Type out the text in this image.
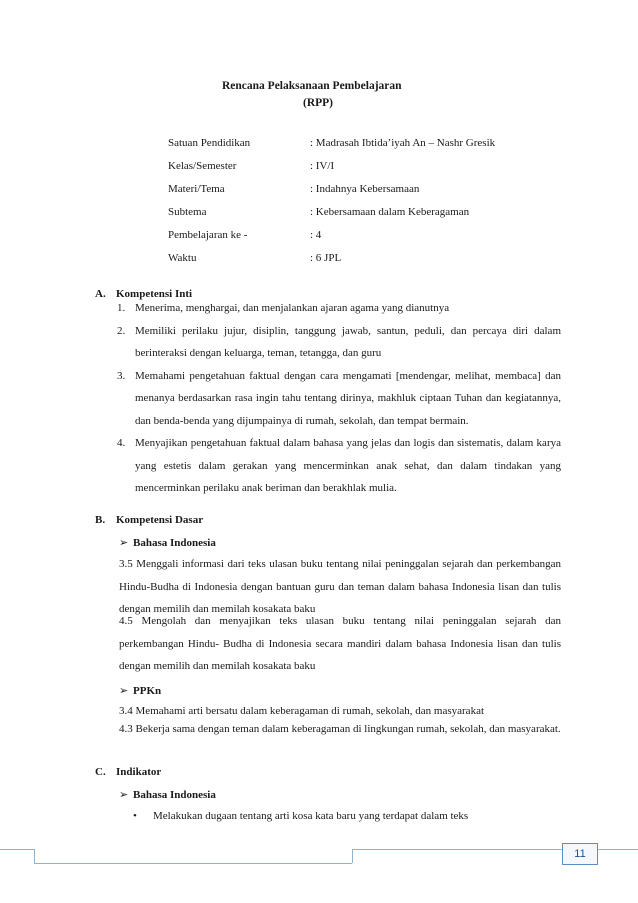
Rencana Pelaksanaan Pembelajaran
(RPP)
Satuan Pendidikan	: Madrasah Ibtida’iyah An – Nashr Gresik
Kelas/Semester	: IV/I
Materi/Tema	: Indahnya Kebersamaan
Subtema	: Kebersamaan dalam Keberagaman
Pembelajaran ke -	: 4
Waktu	: 6 JPL
A. Kompetensi Inti
1. Menerima, menghargai, dan menjalankan ajaran agama yang dianutnya
2. Memiliki perilaku jujur, disiplin, tanggung jawab, santun, peduli, dan percaya diri dalam berinteraksi dengan keluarga, teman, tetangga, dan guru
3. Memahami pengetahuan faktual dengan cara mengamati [mendengar, melihat, membaca] dan menanya berdasarkan rasa ingin tahu tentang dirinya, makhluk ciptaan Tuhan dan kegiatannya, dan benda-benda yang dijumpainya di rumah, sekolah, dan tempat bermain.
4. Menyajikan pengetahuan faktual dalam bahasa yang jelas dan logis dan sistematis, dalam karya yang estetis dalam gerakan yang mencerminkan anak sehat, dan dalam tindakan yang mencerminkan perilaku anak beriman dan berakhlak mulia.
B. Kompetensi Dasar
➢ Bahasa Indonesia
3.5 Menggali informasi dari teks ulasan buku tentang nilai peninggalan sejarah dan perkembangan Hindu-Budha di Indonesia dengan bantuan guru dan teman dalam bahasa Indonesia lisan dan tulis dengan memilih dan memilah kosakata baku
4.5 Mengolah dan menyajikan teks ulasan buku tentang nilai peninggalan sejarah dan perkembangan Hindu- Budha di Indonesia secara mandiri dalam bahasa Indonesia lisan dan tulis dengan memilih dan memilah kosakata baku
➢ PPKn
3.4 Memahami arti bersatu dalam keberagaman di rumah, sekolah, dan masyarakat
4.3 Bekerja sama dengan teman dalam keberagaman di lingkungan rumah, sekolah, dan masyarakat.
C. Indikator
➢ Bahasa Indonesia
• Melakukan dugaan tentang arti kosa kata baru yang terdapat dalam teks
11
